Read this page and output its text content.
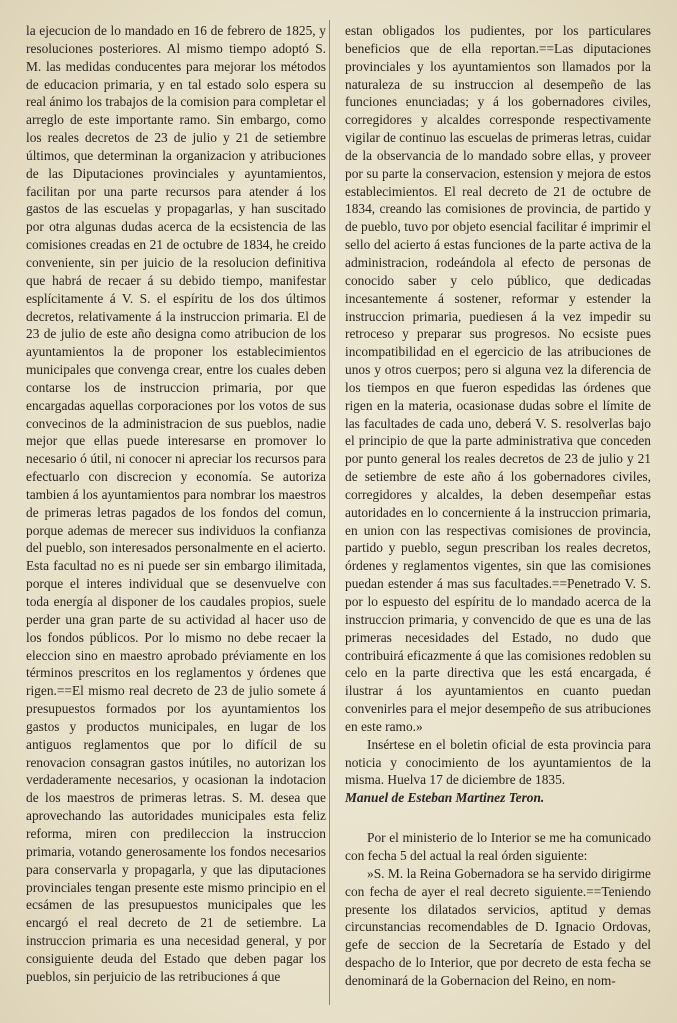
la ejecucion de lo mandado en 16 de febrero de 1825, y resoluciones posteriores. Al mismo tiempo adoptó S. M. las medidas conducentes para mejorar los métodos de educacion primaria, y en tal estado solo espera su real ánimo los trabajos de la comision para completar el arreglo de este importante ramo. Sin embargo, como los reales decretos de 23 de julio y 21 de setiembre últimos, que determinan la organizacion y atribuciones de las Diputaciones provinciales y ayuntamientos, facilitan por una parte recursos para atender á los gastos de las escuelas y propagarlas, y han suscitado por otra algunas dudas acerca de la ecsistencia de las comisiones creadas en 21 de octubre de 1834, he creido conveniente, sin per juicio de la resolucion definitiva que habrá de recaer á su debido tiempo, manifestar esplícitamente á V. S. el espíritu de los dos últimos decretos, relativamente á la instruccion primaria. El de 23 de julio de este año designa como atribucion de los ayuntamientos la de proponer los establecimientos municipales que convenga crear, entre los cuales deben contarse los de instruccion primaria, por que encargadas aquellas corporaciones por los votos de sus convecinos de la administracion de sus pueblos, nadie mejor que ellas puede interesarse en promover lo necesario ó útil, ni conocer ni apreciar los recursos para efectuarlo con discrecion y economía. Se autoriza tambien á los ayuntamientos para nombrar los maestros de primeras letras pagados de los fondos del comun, porque ademas de merecer sus individuos la confianza del pueblo, son interesados personalmente en el acierto. Esta facultad no es ni puede ser sin embargo ilimitada, porque el interes individual que se desenvuelve con toda energía al disponer de los caudales propios, suele perder una gran parte de su actividad al hacer uso de los fondos públicos. Por lo mismo no debe recaer la eleccion sino en maestro aprobado préviamente en los términos prescritos en los reglamentos y órdenes que rigen.==El mismo real decreto de 23 de julio somete á presupuestos formados por los ayuntamientos los gastos y productos municipales, en lugar de los antiguos reglamentos que por lo difícil de su renovacion consagran gastos inútiles, no autorizan los verdaderamente necesarios, y ocasionan la indotacion de los maestros de primeras letras. S. M. desea que aprovechando las autoridades municipales esta feliz reforma, miren con predileccion la instruccion primaria, votando generosamente los fondos necesarios para conservarla y propagarla, y que las diputaciones provinciales tengan presente este mismo principio en el ecsámen de las presupuestos municipales que les encargó el real decreto de 21 de setiembre. La instruccion primaria es una necesidad general, y por consiguiente deuda del Estado que deben pagar los pueblos, sin perjuicio de las retribuciones á que

estan obligados los pudientes, por los particulares beneficios que de ella reportan.==Las diputaciones provinciales y los ayuntamientos son llamados por la naturaleza de su instruccion al desempeño de las funciones enunciadas; y á los gobernadores civiles, corregidores y alcaldes corresponde respectivamente vigilar de continuo las escuelas de primeras letras, cuidar de la observancia de lo mandado sobre ellas, y proveer por su parte la conservacion, estension y mejora de estos establecimientos. El real decreto de 21 de octubre de 1834, creando las comisiones de provincia, de partido y de pueblo, tuvo por objeto esencial facilitar é imprimir el sello del acierto á estas funciones de la parte activa de la administracion, rodeándola al efecto de personas de conocido saber y celo público, que dedicadas incesantemente á sostener, reformar y estender la instruccion primaria, puediesen á la vez impedir su retroceso y preparar sus progresos. No ecsiste pues incompatibilidad en el egercicio de las atribuciones de unos y otros cuerpos; pero si alguna vez la diferencia de los tiempos en que fueron espedidas las órdenes que rigen en la materia, ocasionase dudas sobre el límite de las facultades de cada uno, deberá V. S. resolverlas bajo el principio de que la parte administrativa que conceden por punto general los reales decretos de 23 de julio y 21 de setiembre de este año á los gobernadores civiles, corregidores y alcaldes, la deben desempeñar estas autoridades en lo concerniente á la instruccion primaria, en union con las respectivas comisiones de provincia, partido y pueblo, segun prescriban los reales decretos, órdenes y reglamentos vigentes, sin que las comisiones puedan estender á mas sus facultades.==Penetrado V. S. por lo espuesto del espíritu de lo mandado acerca de la instruccion primaria, y convencido de que es una de las primeras necesidades del Estado, no dudo que contribuirá eficazmente á que las comisiones redoblen su celo en la parte directiva que les está encargada, é ilustrar á los ayuntamientos en cuanto puedan convenirles para el mejor desempeño de sus atribuciones en este ramo.»

Insértese en el boletin oficial de esta provincia para noticia y conocimiento de los ayuntamientos de la misma. Huelva 17 de diciembre de 1835.

Manuel de Esteban Martinez Teron.

Por el ministerio de lo Interior se me ha comunicado con fecha 5 del actual la real órden siguiente:

»S. M. la Reina Gobernadora se ha servido dirigirme con fecha de ayer el real decreto siguiente.==Teniendo presente los dilatados servicios, aptitud y demas circunstancias recomendables de D. Ignacio Ordovas, gefe de seccion de la Secretaría de Estado y del despacho de lo Interior, que por decreto de esta fecha se denominará de la Gobernacion del Reino, en nom-
